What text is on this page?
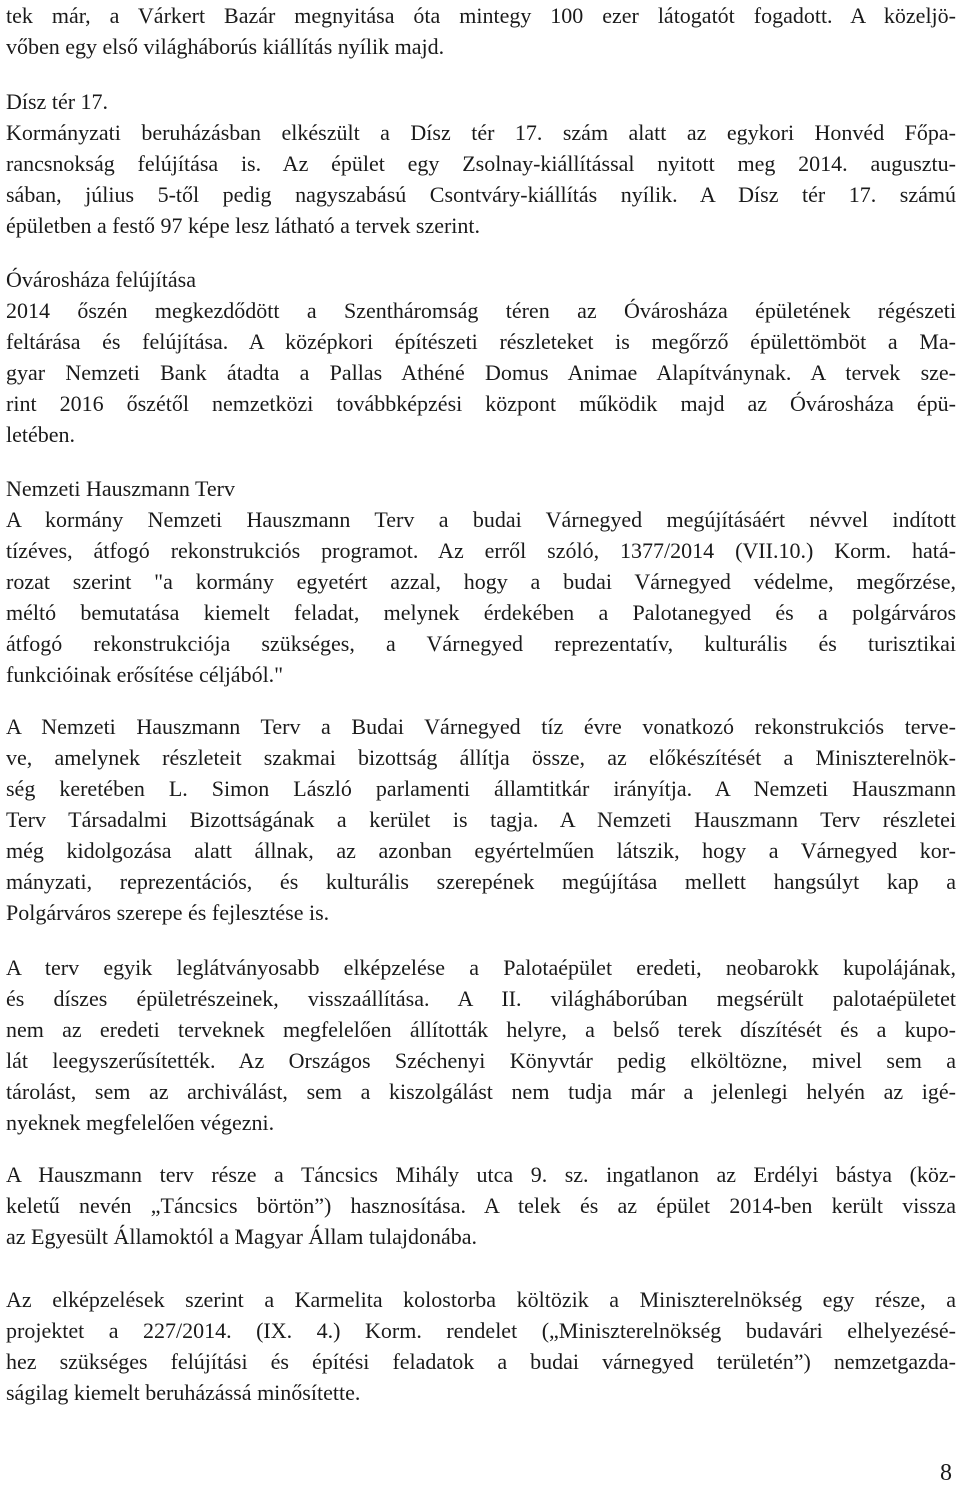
tek már, a Várkert Bazár megnyitása óta mintegy 100 ezer látogatót fogadott. A közeljö-
vőben egy első világháborús kiállítás nyílik majd.
Dísz tér 17.
Kormányzati beruházásban elkészült a Dísz tér 17. szám alatt az egykori Honvéd Főpa-
rancsnokság felújítása is. Az épület egy Zsolnay-kiállítással nyitott meg 2014. augusztu-
sában, július 5-től pedig nagyszabású Csontváry-kiállítás nyílik. A Dísz tér 17. számú
épületben a festő 97 képe lesz látható a tervek szerint.
Óvárosháza felújítása
2014 őszén megkezdődött a Szentháromság téren az Óvárosháza épületének régészeti
feltárása és felújítása. A középkori építészeti részleteket is megőrző épülettömböt a Ma-
gyar Nemzeti Bank átadta a Pallas Athéné Domus Animae Alapítványnak. A tervek sze-
rint 2016 őszétől nemzetközi továbbképzési központ működik majd az Óvárosháza épü-
letében.
Nemzeti Hauszmann Terv
A kormány Nemzeti Hauszmann Terv a budai Várnegyed megújításáért névvel indított
tízéves, átfogó rekonstrukciós programot. Az erről szóló, 1377/2014 (VII.10.) Korm. hatá-
rozat szerint "a kormány egyetért azzal, hogy a budai Várnegyed védelme, megőrzése,
méltó bemutatása kiemelt feladat, melynek érdekében a Palotanegyed és a polgárváros
átfogó rekonstrukciója szükséges, a Várnegyed reprezentatív, kulturális és turisztikai
funkcióinak erősítése céljából."
A Nemzeti Hauszmann Terv a Budai Várnegyed tíz évre vonatkozó rekonstrukciós terve-
ve, amelynek részleteit szakmai bizottság állítja össze, az előkészítését a Miniszterelnök-
ség keretében L. Simon László parlamenti államtitkár irányítja. A Nemzeti Hauszmann
Terv Társadalmi Bizottságának a kerület is tagja. A Nemzeti Hauszmann Terv részletei
még kidolgozása alatt állnak, az azonban egyértelműen látszik, hogy a Várnegyed kor-
mányzati, reprezentációs, és kulturális szerepének megújítása mellett hangsúlyt kap a
Polgárváros szerepe és fejlesztése is.
A terv egyik leglátványosabb elképzelése a Palotaépület eredeti, neobarokk kupolájának,
és díszes épületrészeinek, visszaállítása. A II. világháborúban megsérült palotaépületet
nem az eredeti terveknek megfelelően állították helyre, a belső terek díszítését és a kupo-
lát leegyszerűsítették. Az Országos Széchenyi Könyvtár pedig elköltözne, mivel sem a
tárolást, sem az archiválást, sem a kiszolgálást nem tudja már a jelenlegi helyén az igé-
nyeknek megfelelően végezni.
A Hauszmann terv része a Táncsics Mihály utca 9. sz. ingatlanon az Erdélyi bástya (köz-
keletű nevén „Táncsics börtön”) hasznosítása. A telek és az épület 2014-ben került vissza
az Egyesült Államoktól a Magyar Állam tulajdonába.
Az elképzelések szerint a Karmelita kolostorba költözik a Miniszterelnökség egy része, a
projektet a 227/2014. (IX. 4.) Korm. rendelet („Miniszterelnökség budavári elhelyezésé-
hez szükséges felújítási és építési feladatok a budai várnegyed területén”) nemzetgazda-
ságilag kiemelt beruházássá minősítette.
8
